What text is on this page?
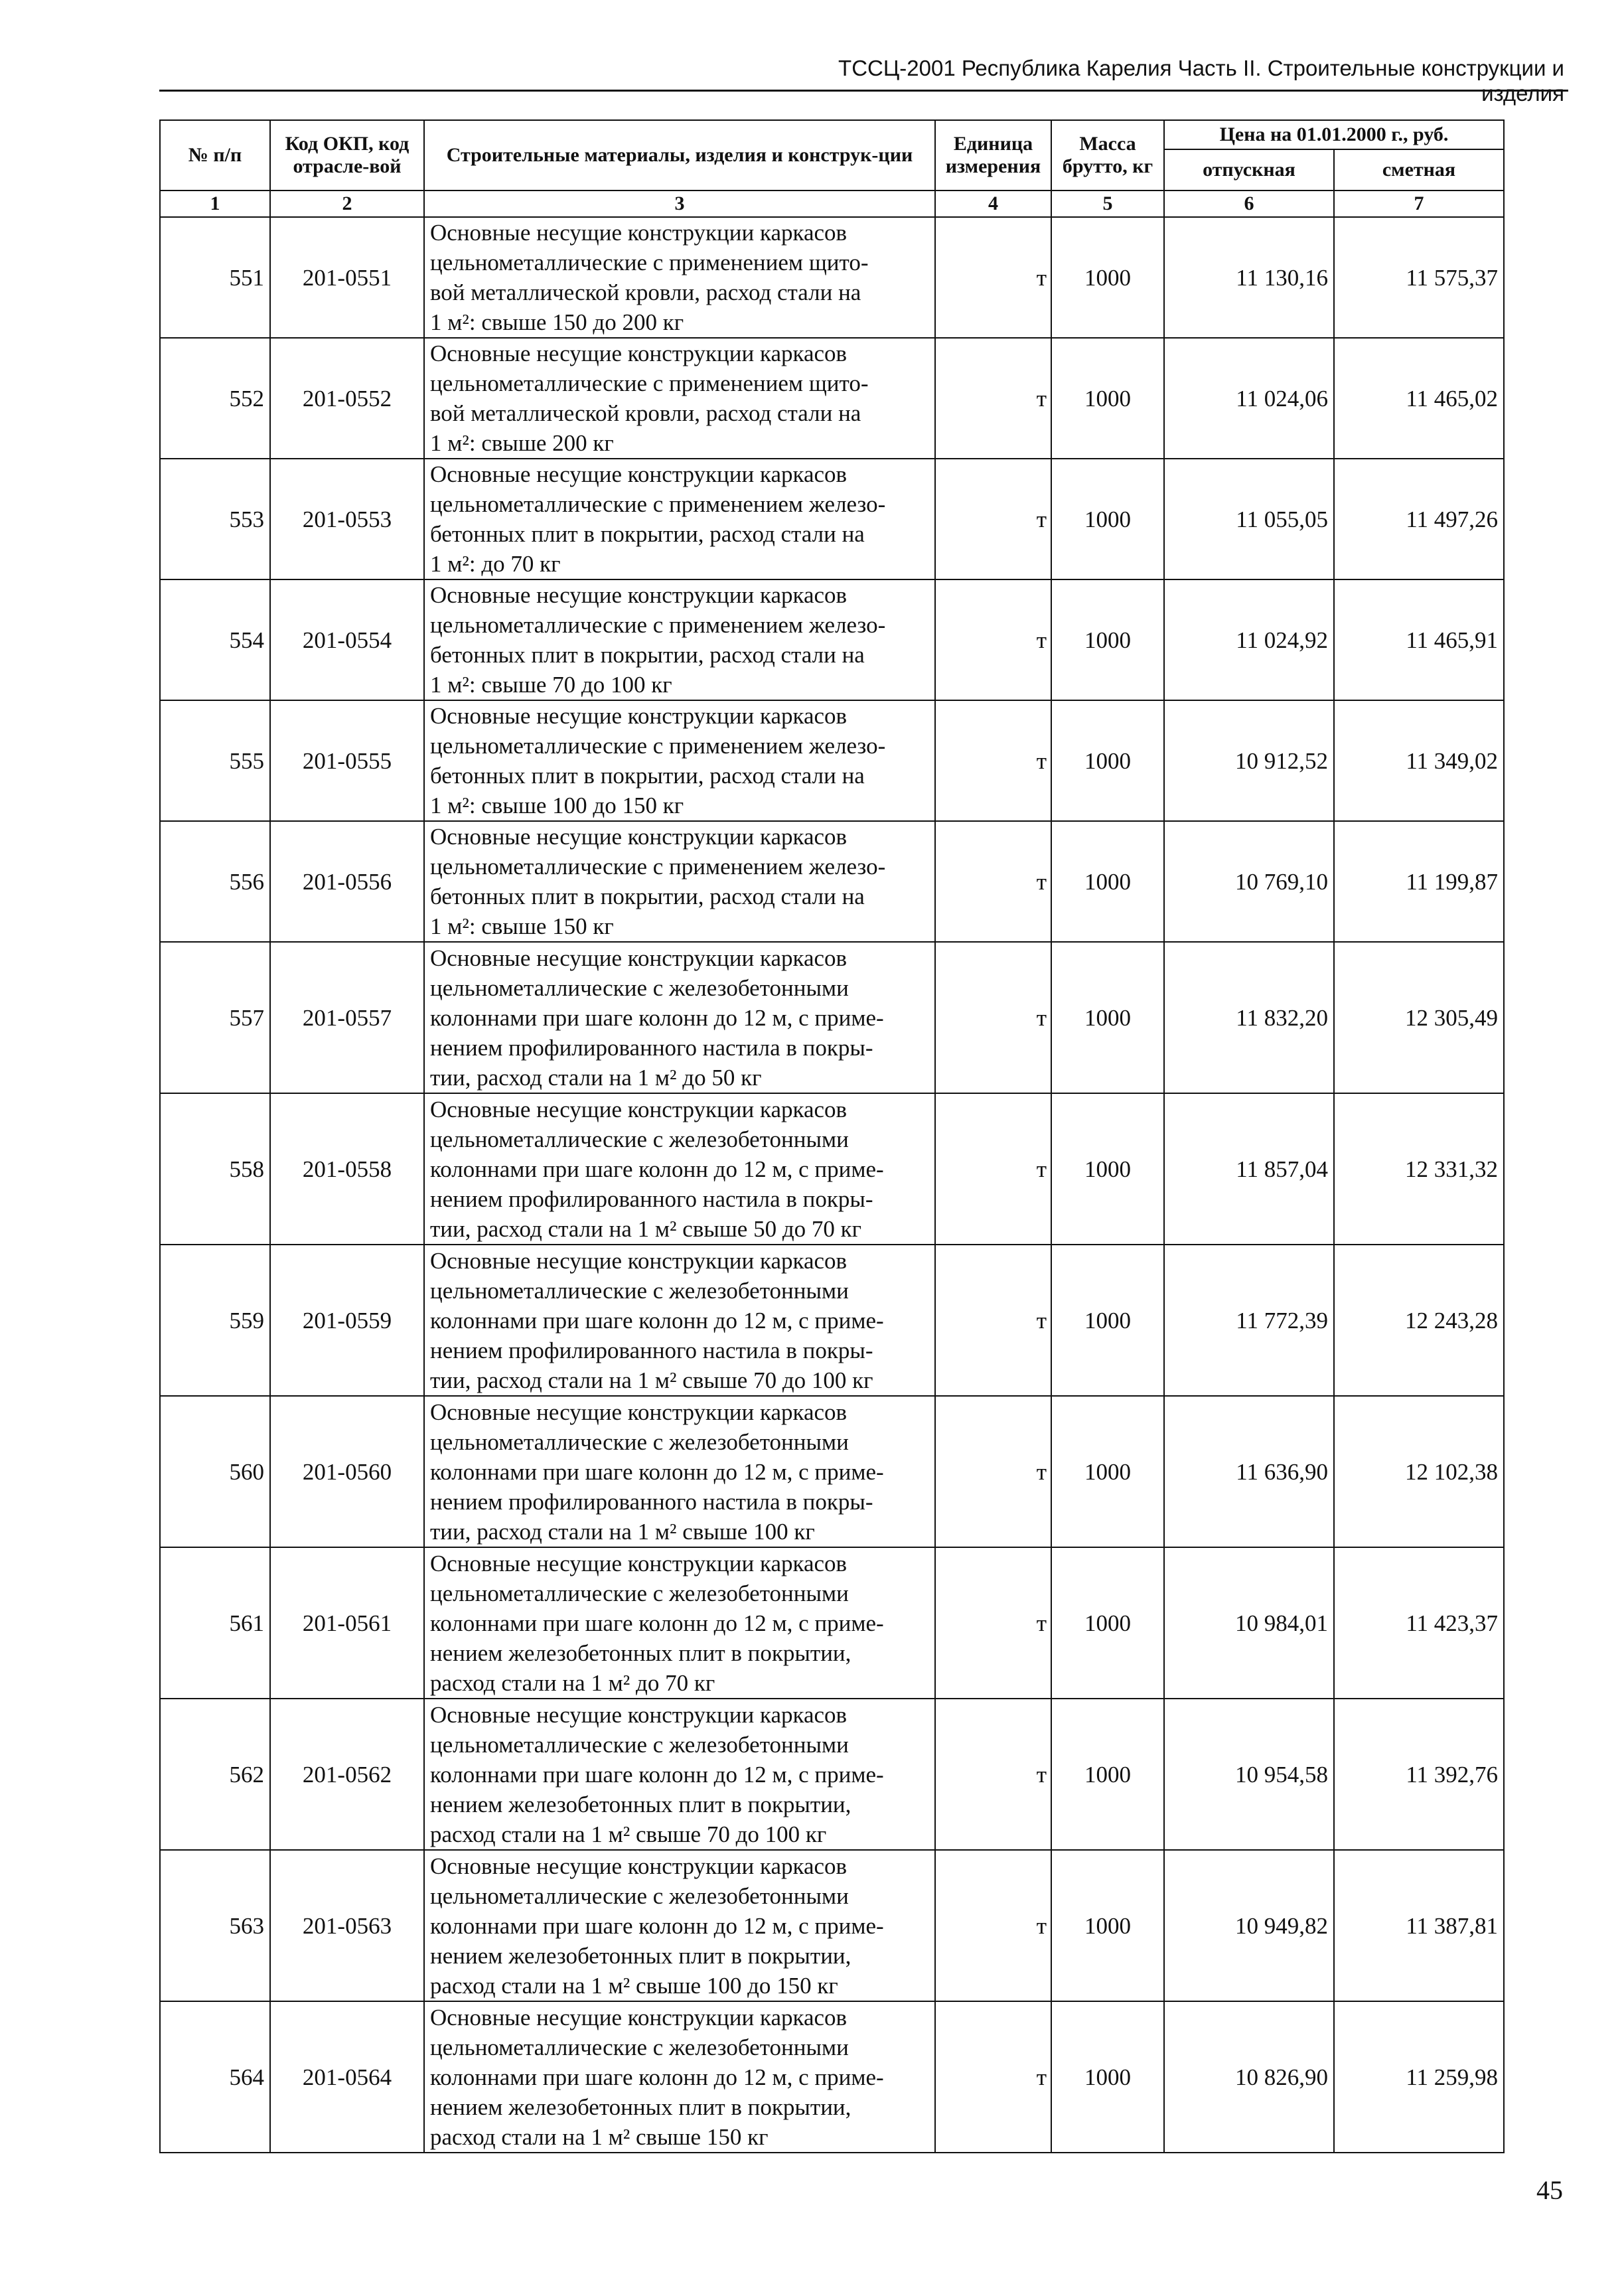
ТССЦ-2001 Республика Карелия Часть II. Строительные конструкции и изделия
№ п/п	Код ОКП, код отрасле-вой	Строительные материалы, изделия и конструк-ции	Единица измерения	Масса брутто, кг	Цена на 01.01.2000 г., руб.	
					отпускная	сметная
1	2	3	4	5	6	7
551	201-0551	Основные несущие конструкции каркасов
цельнометаллические с применением щито-
вой металлической кровли, расход стали на
1 м²: свыше 150 до 200 кг	т	1000	11 130,16	11 575,37
552	201-0552	Основные несущие конструкции каркасов
цельнометаллические с применением щито-
вой металлической кровли, расход стали на
1 м²: свыше 200 кг	т	1000	11 024,06	11 465,02
553	201-0553	Основные несущие конструкции каркасов
цельнометаллические с применением железо-
бетонных плит в покрытии, расход стали на
1 м²: до 70 кг	т	1000	11 055,05	11 497,26
554	201-0554	Основные несущие конструкции каркасов
цельнометаллические с применением железо-
бетонных плит в покрытии, расход стали на
1 м²: свыше 70 до 100 кг	т	1000	11 024,92	11 465,91
555	201-0555	Основные несущие конструкции каркасов
цельнометаллические с применением железо-
бетонных плит в покрытии, расход стали на
1 м²: свыше 100 до 150 кг	т	1000	10 912,52	11 349,02
556	201-0556	Основные несущие конструкции каркасов
цельнометаллические с применением железо-
бетонных плит в покрытии, расход стали на
1 м²: свыше 150 кг	т	1000	10 769,10	11 199,87
557	201-0557	Основные несущие конструкции каркасов
цельнометаллические с железобетонными
колоннами при шаге колонн до 12 м, с приме-
нением профилированного настила в покры-
тии, расход стали на 1 м² до 50 кг	т	1000	11 832,20	12 305,49
558	201-0558	Основные несущие конструкции каркасов
цельнометаллические с железобетонными
колоннами при шаге колонн до 12 м, с приме-
нением профилированного настила в покры-
тии, расход стали на 1 м² свыше 50 до 70 кг	т	1000	11 857,04	12 331,32
559	201-0559	Основные несущие конструкции каркасов
цельнометаллические с железобетонными
колоннами при шаге колонн до 12 м, с приме-
нением профилированного настила в покры-
тии, расход стали на 1 м² свыше 70 до 100 кг	т	1000	11 772,39	12 243,28
560	201-0560	Основные несущие конструкции каркасов
цельнометаллические с железобетонными
колоннами при шаге колонн до 12 м, с приме-
нением профилированного настила в покры-
тии, расход стали на 1 м² свыше 100 кг	т	1000	11 636,90	12 102,38
561	201-0561	Основные несущие конструкции каркасов
цельнометаллические с железобетонными
колоннами при шаге колонн до 12 м, с приме-
нением железобетонных плит в покрытии,
расход стали на 1 м² до 70 кг	т	1000	10 984,01	11 423,37
562	201-0562	Основные несущие конструкции каркасов
цельнометаллические с железобетонными
колоннами при шаге колонн до 12 м, с приме-
нением железобетонных плит в покрытии,
расход стали на 1 м² свыше 70 до 100 кг	т	1000	10 954,58	11 392,76
563	201-0563	Основные несущие конструкции каркасов
цельнометаллические с железобетонными
колоннами при шаге колонн до 12 м, с приме-
нением железобетонных плит в покрытии,
расход стали на 1 м² свыше 100 до 150 кг	т	1000	10 949,82	11 387,81
564	201-0564	Основные несущие конструкции каркасов
цельнометаллические с железобетонными
колоннами при шаге колонн до 12 м, с приме-
нением железобетонных плит в покрытии,
расход стали на 1 м² свыше 150 кг	т	1000	10 826,90	11 259,98
45
